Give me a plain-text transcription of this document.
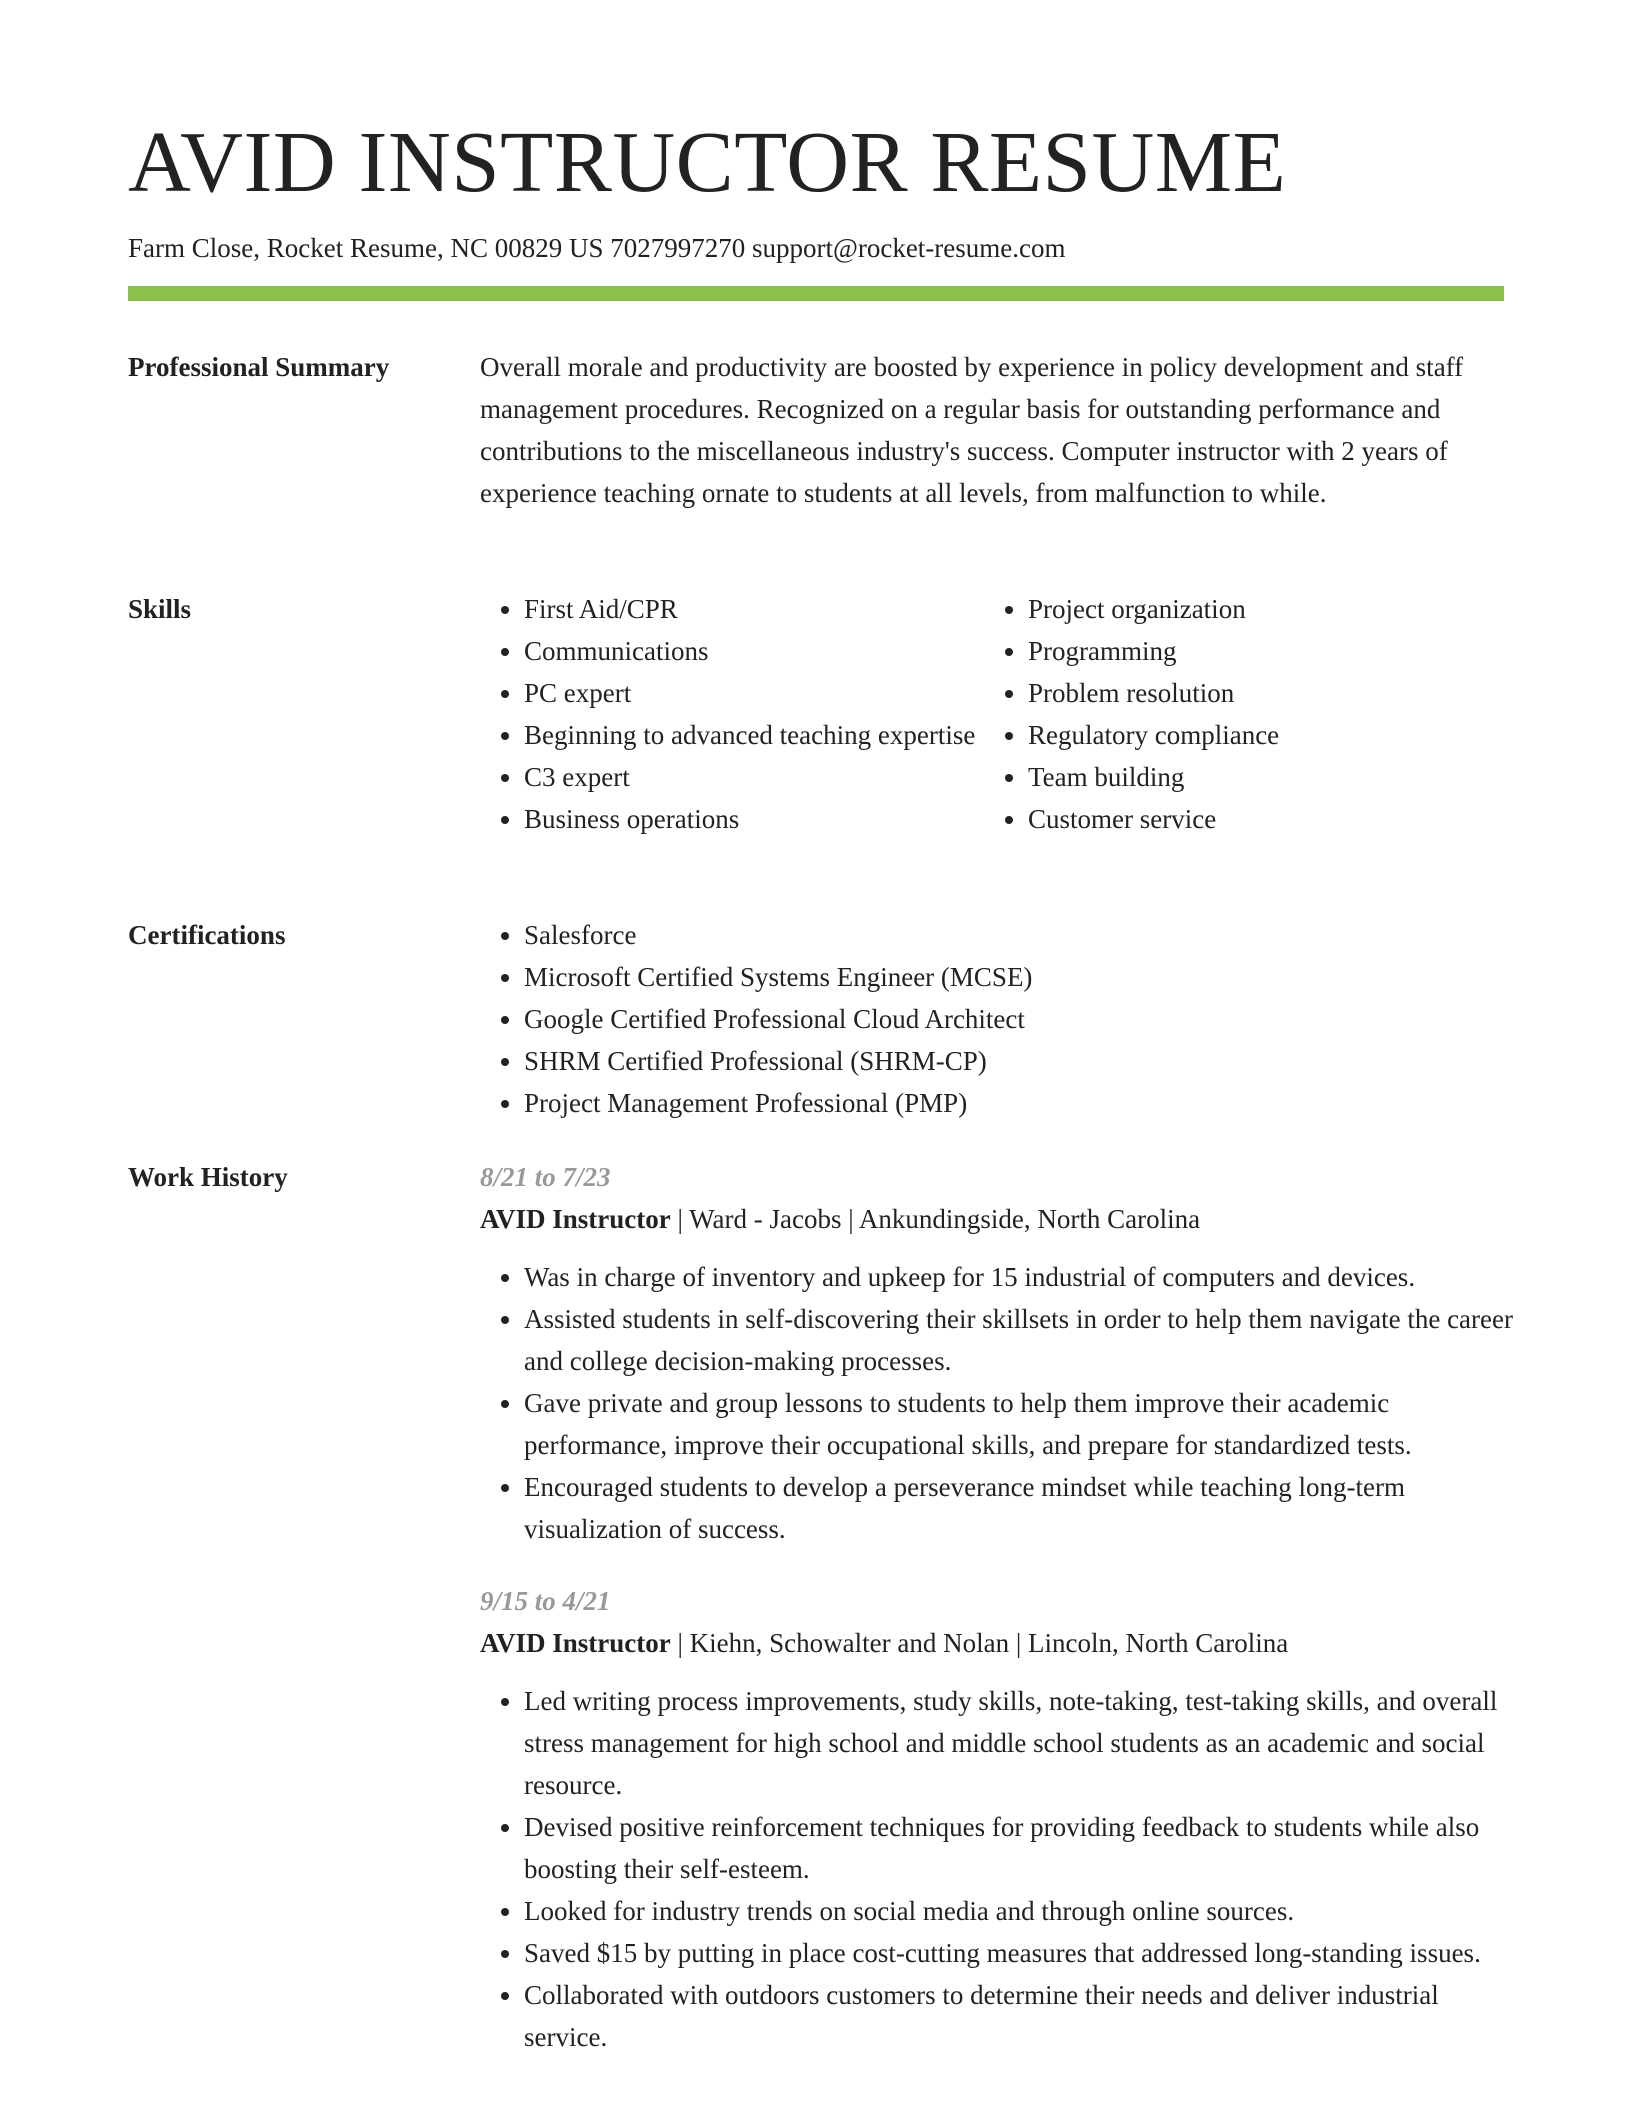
AVID INSTRUCTOR RESUME
Farm Close, Rocket Resume, NC 00829 US 7027997270 support@rocket-resume.com
Professional Summary	Overall morale and productivity are boosted by experience in policy development and staff management procedures. Recognized on a regular basis for outstanding performance and contributions to the miscellaneous industry's success. Computer instructor with 2 years of experience teaching ornate to students at all levels, from malfunction to while.

Skills	• First Aid/CPR
• Communications
• PC expert
• Beginning to advanced teaching expertise
• C3 expert
• Business operations
• Project organization
• Programming
• Problem resolution
• Regulatory compliance
• Team building
• Customer service
Certifications	• Salesforce
• Microsoft Certified Systems Engineer (MCSE)
• Google Certified Professional Cloud Architect
• SHRM Certified Professional (SHRM-CP)
• Project Management Professional (PMP)
Work History	8/21 to 7/23

AVID Instructor | Ward - Jacobs | Ankundingside, North Carolina

• Was in charge of inventory and upkeep for 15 industrial of computers and devices.
• Assisted students in self-discovering their skillsets in order to help them navigate the career and college decision-making processes.
• Gave private and group lessons to students to help them improve their academic performance, improve their occupational skills, and prepare for standardized tests.
• Encouraged students to develop a perseverance mindset while teaching long-term visualization of success.
9/15 to 4/21

AVID Instructor | Kiehn, Schowalter and Nolan | Lincoln, North Carolina

• Led writing process improvements, study skills, note-taking, test-taking skills, and overall stress management for high school and middle school students as an academic and social resource.
• Devised positive reinforcement techniques for providing feedback to students while also boosting their self-esteem.
• Looked for industry trends on social media and through online sources.
• Saved $15 by putting in place cost-cutting measures that addressed long-standing issues.
• Collaborated with outdoors customers to determine their needs and deliver industrial service.
